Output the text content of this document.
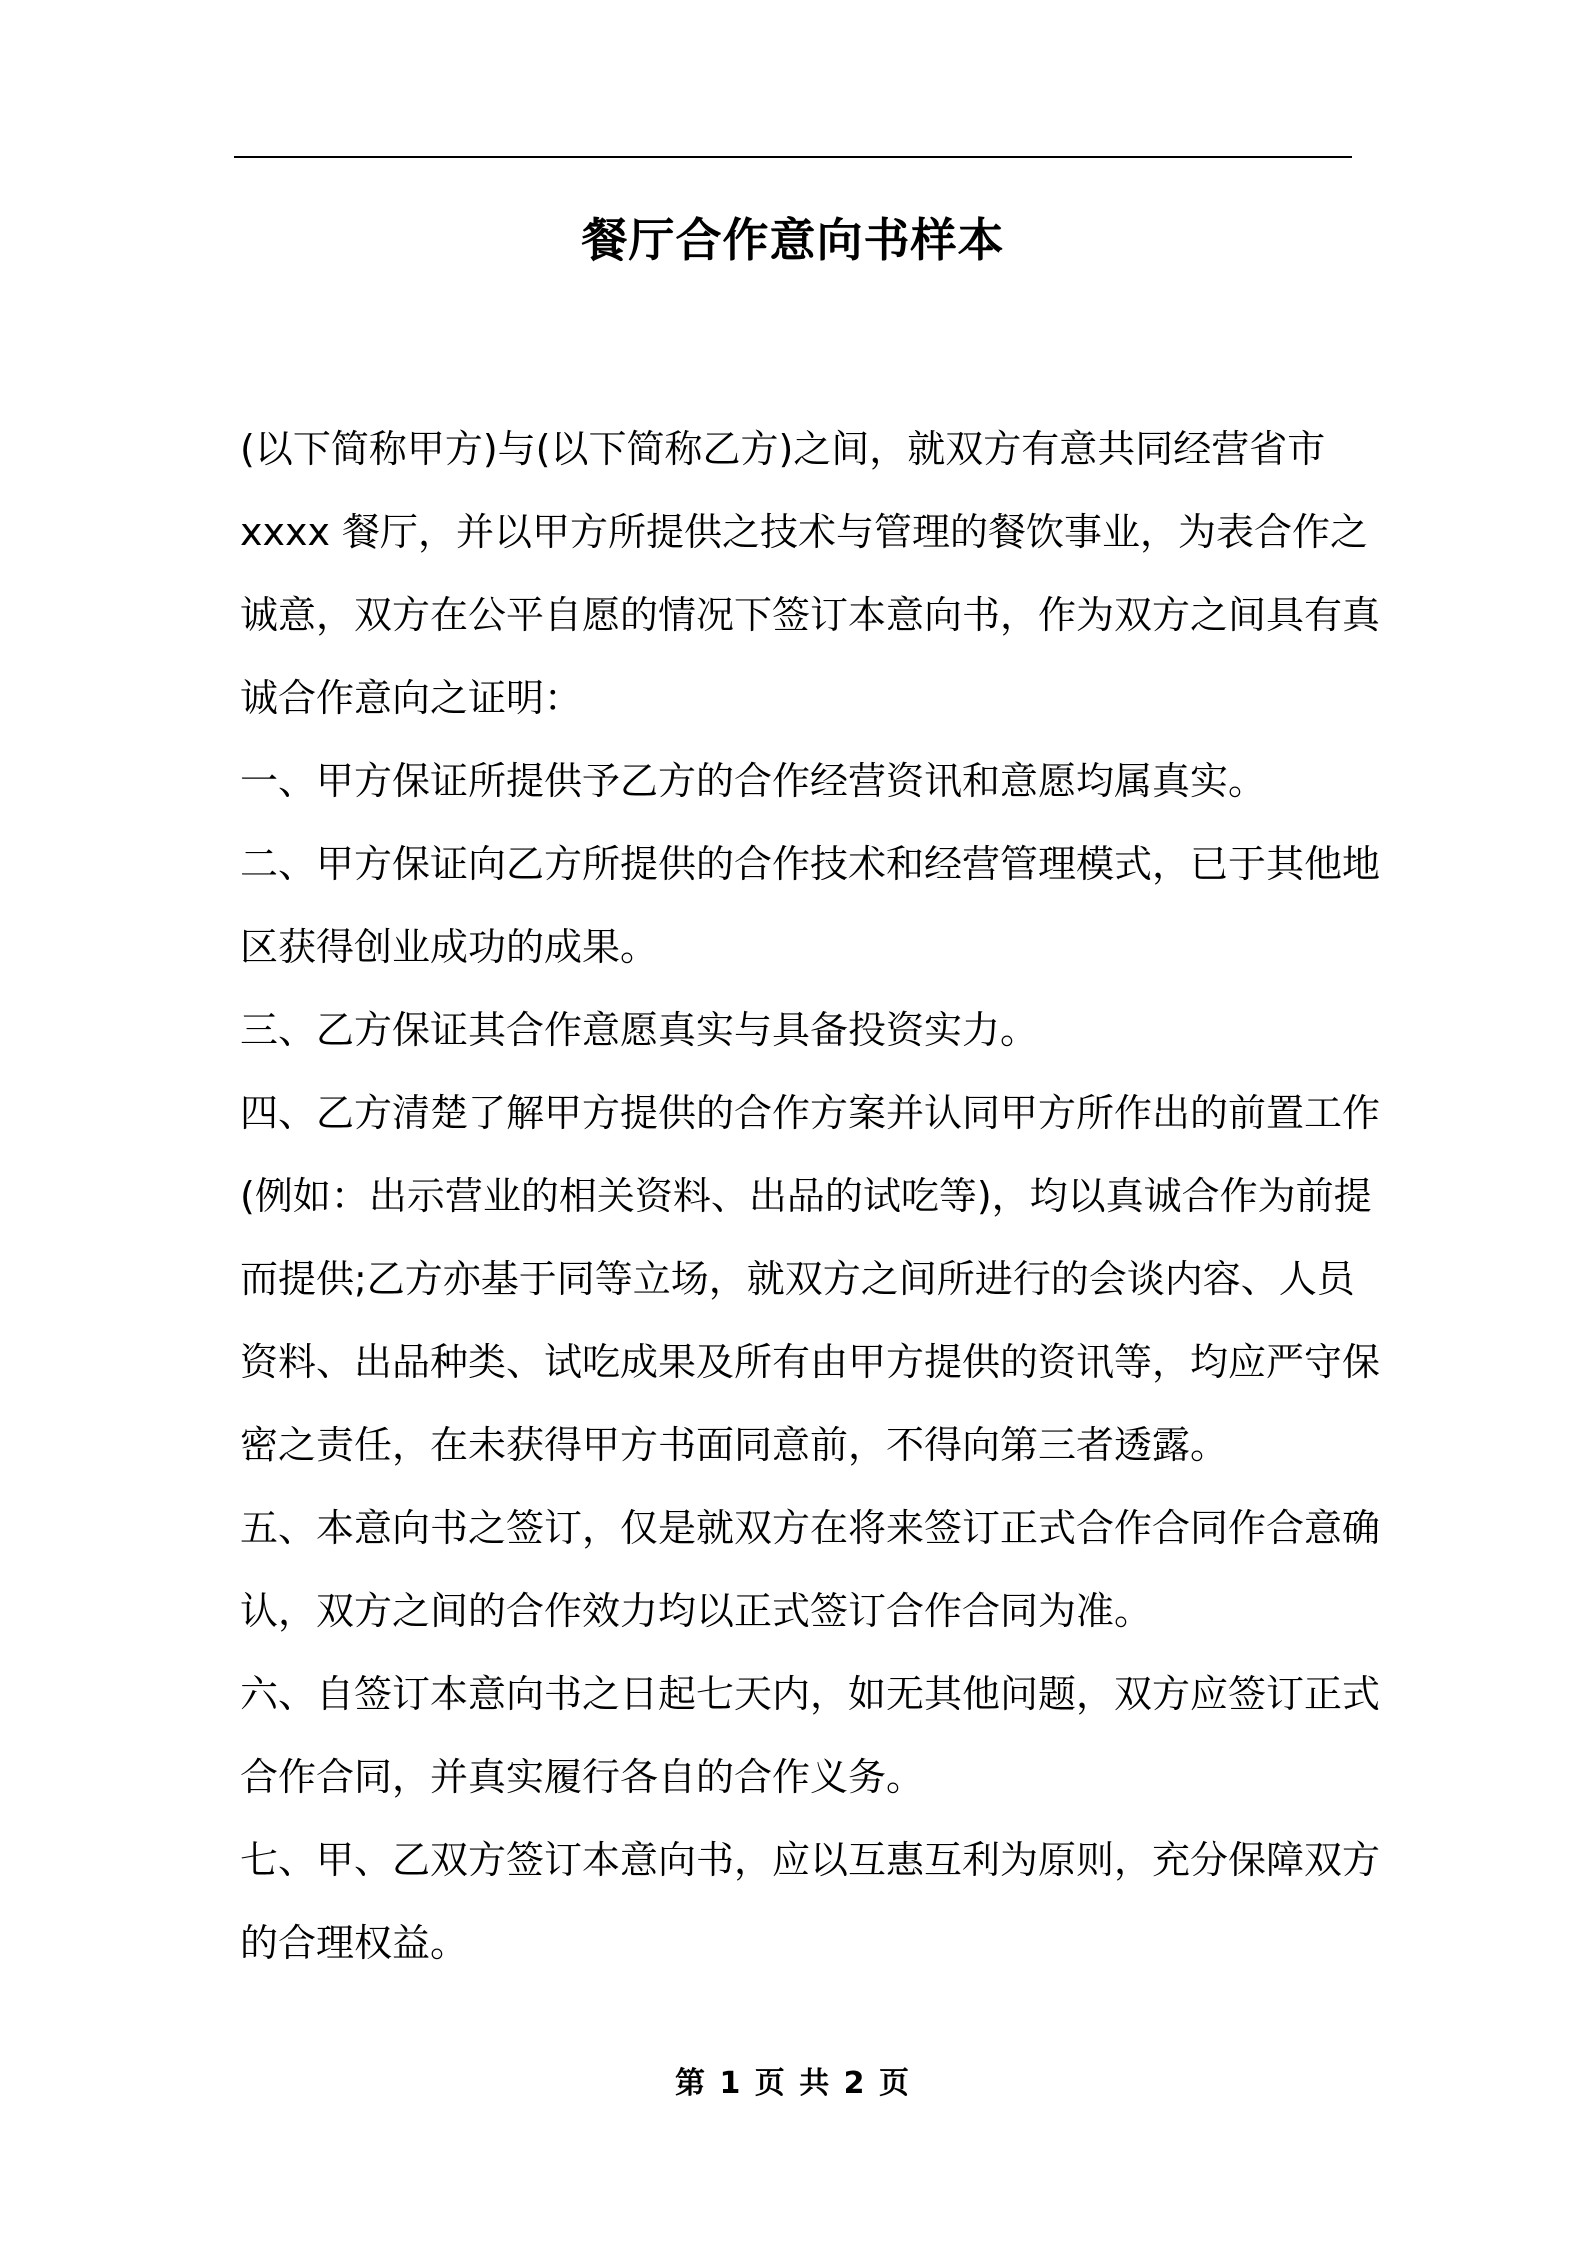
餐厅合作意向书样本

(以下简称甲方)与(以下简称乙方)之间，就双方有意共同经营省市
xxxx 餐厅，并以甲方所提供之技术与管理的餐饮事业，为表合作之
诚意，双方在公平自愿的情况下签订本意向书，作为双方之间具有真
诚合作意向之证明：

一、甲方保证所提供予乙方的合作经营资讯和意愿均属真实。

二、甲方保证向乙方所提供的合作技术和经营管理模式，已于其他地
区获得创业成功的成果。

三、乙方保证其合作意愿真实与具备投资实力。

四、乙方清楚了解甲方提供的合作方案并认同甲方所作出的前置工作
(例如：出示营业的相关资料、出品的试吃等)，均以真诚合作为前提
而提供;乙方亦基于同等立场，就双方之间所进行的会谈内容、人员
资料、出品种类、试吃成果及所有由甲方提供的资讯等，均应严守保
密之责任，在未获得甲方书面同意前，不得向第三者透露。

五、本意向书之签订，仅是就双方在将来签订正式合作合同作合意确
认，双方之间的合作效力均以正式签订合作合同为准。

六、自签订本意向书之日起七天内，如无其他问题，双方应签订正式
合作合同，并真实履行各自的合作义务。

七、甲、乙双方签订本意向书，应以互惠互利为原则，充分保障双方
的合理权益。

第 1 页 共 2 页
